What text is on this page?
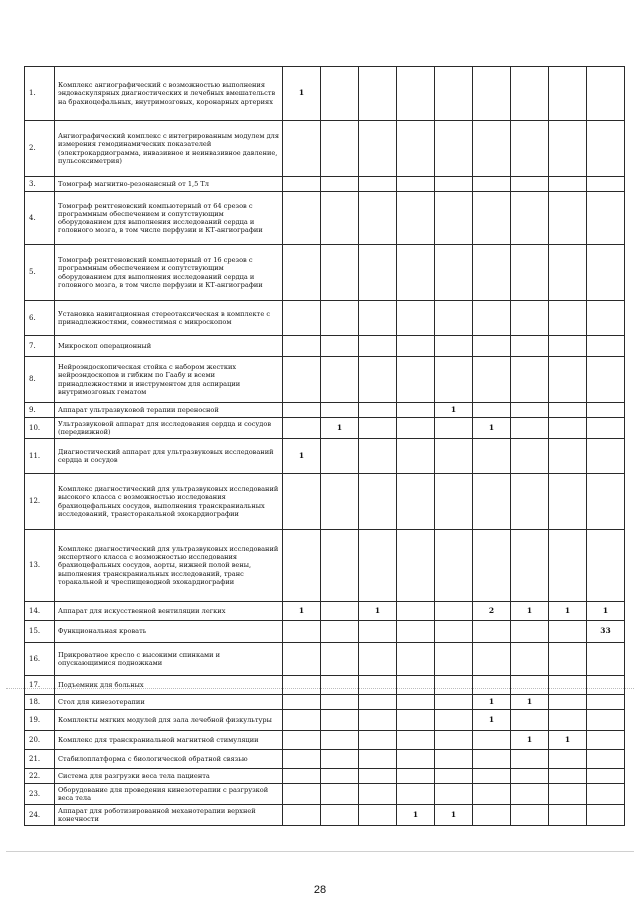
1.	Комплекс ангиографический с возможностью выполнения эндоваскулярных диагностических и лечебных вмешательств на брахиоцефальных, внутримозговых, коронарных артериях	1								
2.	Ангиографический комплекс с интегрированным модулем для измерения гемодинамических показателей (электрокардиограмма, инвазивное и неинвазивное давление, пульсоксиметрия)									
3.	Томограф магнитно-резонансный от 1,5 Тл									
4.	Томограф рентгеновский компьютерный от 64 срезов с программным обеспечением и сопутствующим оборудованием для выполнения исследований сердца и головного мозга, в том числе перфузии и КТ-ангиографии									
5.	Томограф рентгеновский компьютерный от 16 срезов с программным обеспечением и сопутствующим оборудованием для выполнения исследований сердца и головного мозга, в том числе перфузии и КТ-ангиографии									
6.	Установка навигационная стереотаксическая в комплекте с принадлежностями, совместимая с микроскопом									
7.	Микроскоп операционный									
8.	Нейроэндоскопическая стойка с набором жестких нейроэндоскопов и гибким по Гаабу и всеми принадлежностями и инструментом для аспирации внутримозговых гематом									
9.	Аппарат ультразвуковой терапии переносной					1				
10.	Ультразвуковой аппарат для исследования сердца и сосудов (передвижной)		1				1			
11.	Диагностический аппарат для ультразвуковых исследований сердца и сосудов	1								
12.	Комплекс диагностический для ультразвуковых исследований высокого класса с возможностью исследования брахиоцефальных сосудов, выполнения транскраниальных исследований, трансторакальной эхокардиографии									
13.	Комплекс диагностический для ультразвуковых исследований экспертного класса с возможностью исследования брахиоцефальных сосудов, аорты, нижней полой вены, выполнения транскраниальных исследований, транс торакальной и чреспищеводной эхокардиографии									
14.	Аппарат для искусственной вентиляции легких	1		1			2	1	1	1
15.	Функциональная кровать									33
16.	Прикроватное кресло с высокими спинками и опускающимися подножками									
17.	Подъемник для больных									
18.	Стол для кинезотерапии						1	1		
19.	Комплекты мягких модулей для зала лечебной физкультуры						1			
20.	Комплекс для транскраниальной магнитной стимуляции							1	1	
21.	Стабилоплатформа с биологической обратной связью									
22.	Система для разгрузки веса тела пациента									
23.	Оборудование для проведения кинезотерапии с разгрузкой веса тела									
24.	Аппарат для роботизированной механотерапии верхней конечности				1	1				
28
